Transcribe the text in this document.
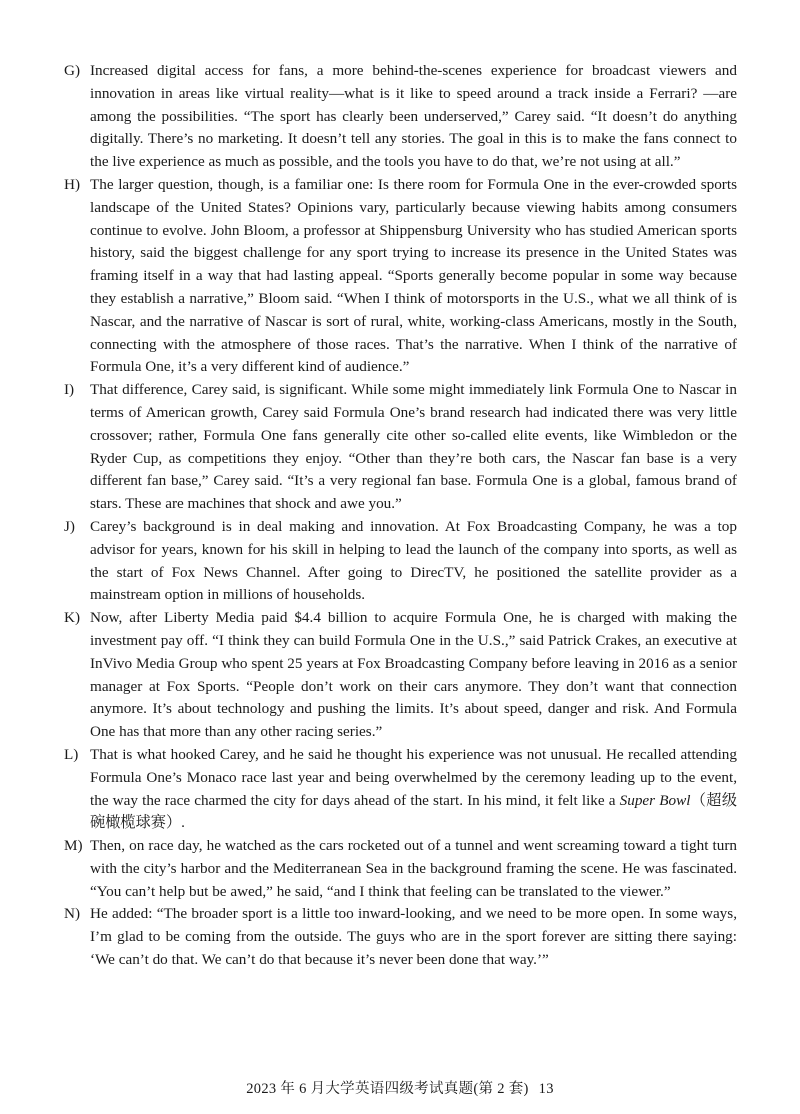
G) Increased digital access for fans, a more behind-the-scenes experience for broadcast viewers and innovation in areas like virtual reality—what is it like to speed around a track inside a Ferrari? —are among the possibilities. “The sport has clearly been underserved,” Carey said. “It doesn’t do anything digitally. There’s no marketing. It doesn’t tell any stories. The goal in this is to make the fans connect to the live experience as much as possible, and the tools you have to do that, we’re not using at all.”

H) The larger question, though, is a familiar one: Is there room for Formula One in the ever-crowded sports landscape of the United States? Opinions vary, particularly because viewing habits among consumers continue to evolve. John Bloom, a professor at Shippensburg University who has studied American sports history, said the biggest challenge for any sport trying to increase its presence in the United States was framing itself in a way that had lasting appeal. “Sports generally become popular in some way because they establish a narrative,” Bloom said. “When I think of motorsports in the U.S., what we all think of is Nascar, and the narrative of Nascar is sort of rural, white, working-class Americans, mostly in the South, connecting with the atmosphere of those races. That’s the narrative. When I think of the narrative of Formula One, it’s a very different kind of audience.”

I) That difference, Carey said, is significant. While some might immediately link Formula One to Nascar in terms of American growth, Carey said Formula One’s brand research had indicated there was very little crossover; rather, Formula One fans generally cite other so-called elite events, like Wimbledon or the Ryder Cup, as competitions they enjoy. “Other than they’re both cars, the Nascar fan base is a very different fan base,” Carey said. “It’s a very regional fan base. Formula One is a global, famous brand of stars. These are machines that shock and awe you.”

J) Carey’s background is in deal making and innovation. At Fox Broadcasting Company, he was a top advisor for years, known for his skill in helping to lead the launch of the company into sports, as well as the start of Fox News Channel. After going to DirecTV, he positioned the satellite provider as a mainstream option in millions of households.

K) Now, after Liberty Media paid $4.4 billion to acquire Formula One, he is charged with making the investment pay off. “I think they can build Formula One in the U.S.,” said Patrick Crakes, an executive at InVivo Media Group who spent 25 years at Fox Broadcasting Company before leaving in 2016 as a senior manager at Fox Sports. “People don’t work on their cars anymore. They don’t want that connection anymore. It’s about technology and pushing the limits. It’s about speed, danger and risk. And Formula One has that more than any other racing series.”

L) That is what hooked Carey, and he said he thought his experience was not unusual. He recalled attending Formula One’s Monaco race last year and being overwhelmed by the ceremony leading up to the event, the way the race charmed the city for days ahead of the start. In his mind, it felt like a Super Bowl（超级碗橄榄球赛）.

M) Then, on race day, he watched as the cars rocketed out of a tunnel and went screaming toward a tight turn with the city’s harbor and the Mediterranean Sea in the background framing the scene. He was fascinated. “You can’t help but be awed,” he said, “and I think that feeling can be translated to the viewer.”

N) He added: “The broader sport is a little too inward-looking, and we need to be more open. In some ways, I’m glad to be coming from the outside. The guys who are in the sport forever are sitting there saying: ‘We can’t do that. We can’t do that because it’s never been done that way.’”

2023 年 6 月大学英语四级考试真题(第 2 套) 13
